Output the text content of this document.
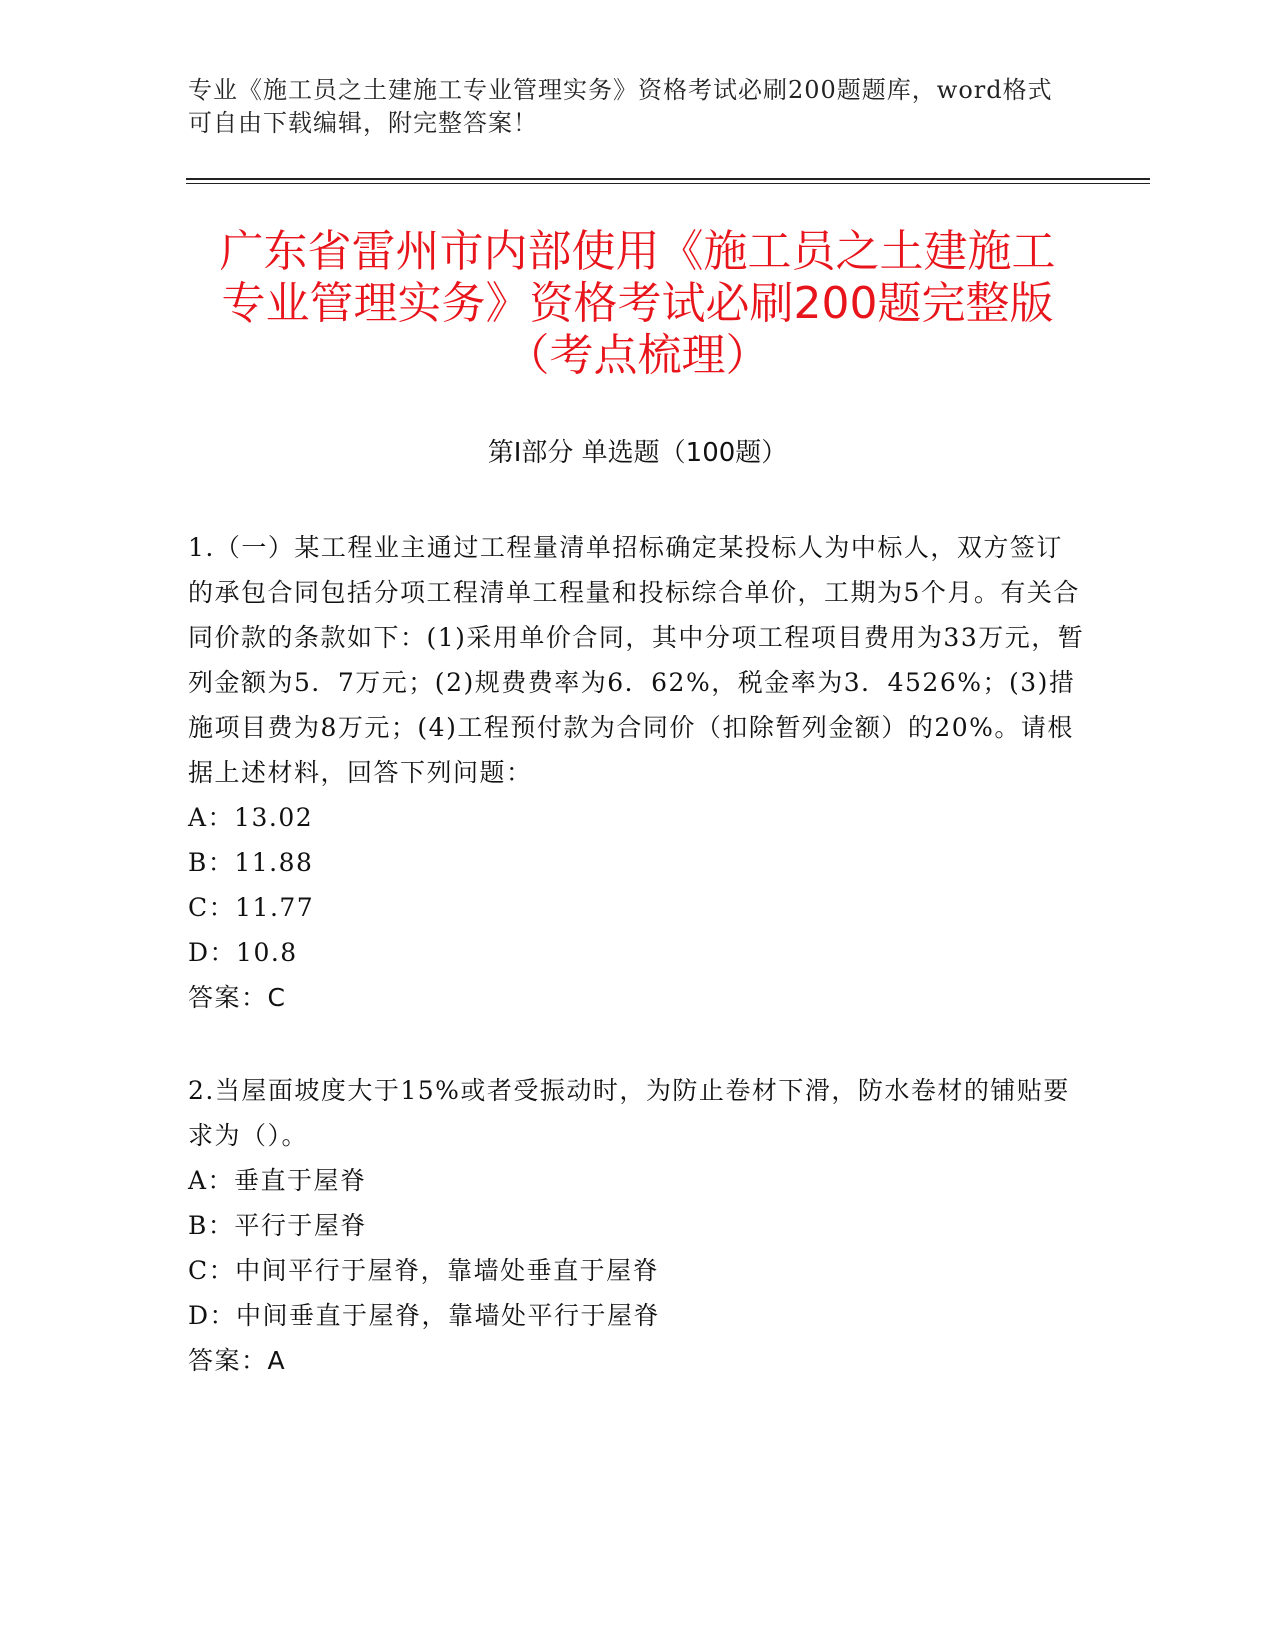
专业《施工员之土建施工专业管理实务》资格考试必刷200题题库，word格式可自由下载编辑，附完整答案！
广东省雷州市内部使用《施工员之土建施工
专业管理实务》资格考试必刷200题完整版
（考点梳理）
第Ⅰ部分 单选题（100题）
1.（一）某工程业主通过工程量清单招标确定某投标人为中标人，双方签订的承包合同包括分项工程清单工程量和投标综合单价，工期为5个月。有关合同价款的条款如下：(1)采用单价合同，其中分项工程项目费用为33万元，暂列金额为5．7万元；(2)规费费率为6．62%，税金率为3．4526%；(3)措施项目费为8万元；(4)工程预付款为合同价（扣除暂列金额）的20%。请根据上述材料，回答下列问题：
A：13.02
B：11.88
C：11.77
D：10.8
答案：C
2.当屋面坡度大于15%或者受振动时，为防止卷材下滑，防水卷材的铺贴要求为（）。
A：垂直于屋脊
B：平行于屋脊
C：中间平行于屋脊，靠墙处垂直于屋脊
D：中间垂直于屋脊，靠墙处平行于屋脊
答案：A
